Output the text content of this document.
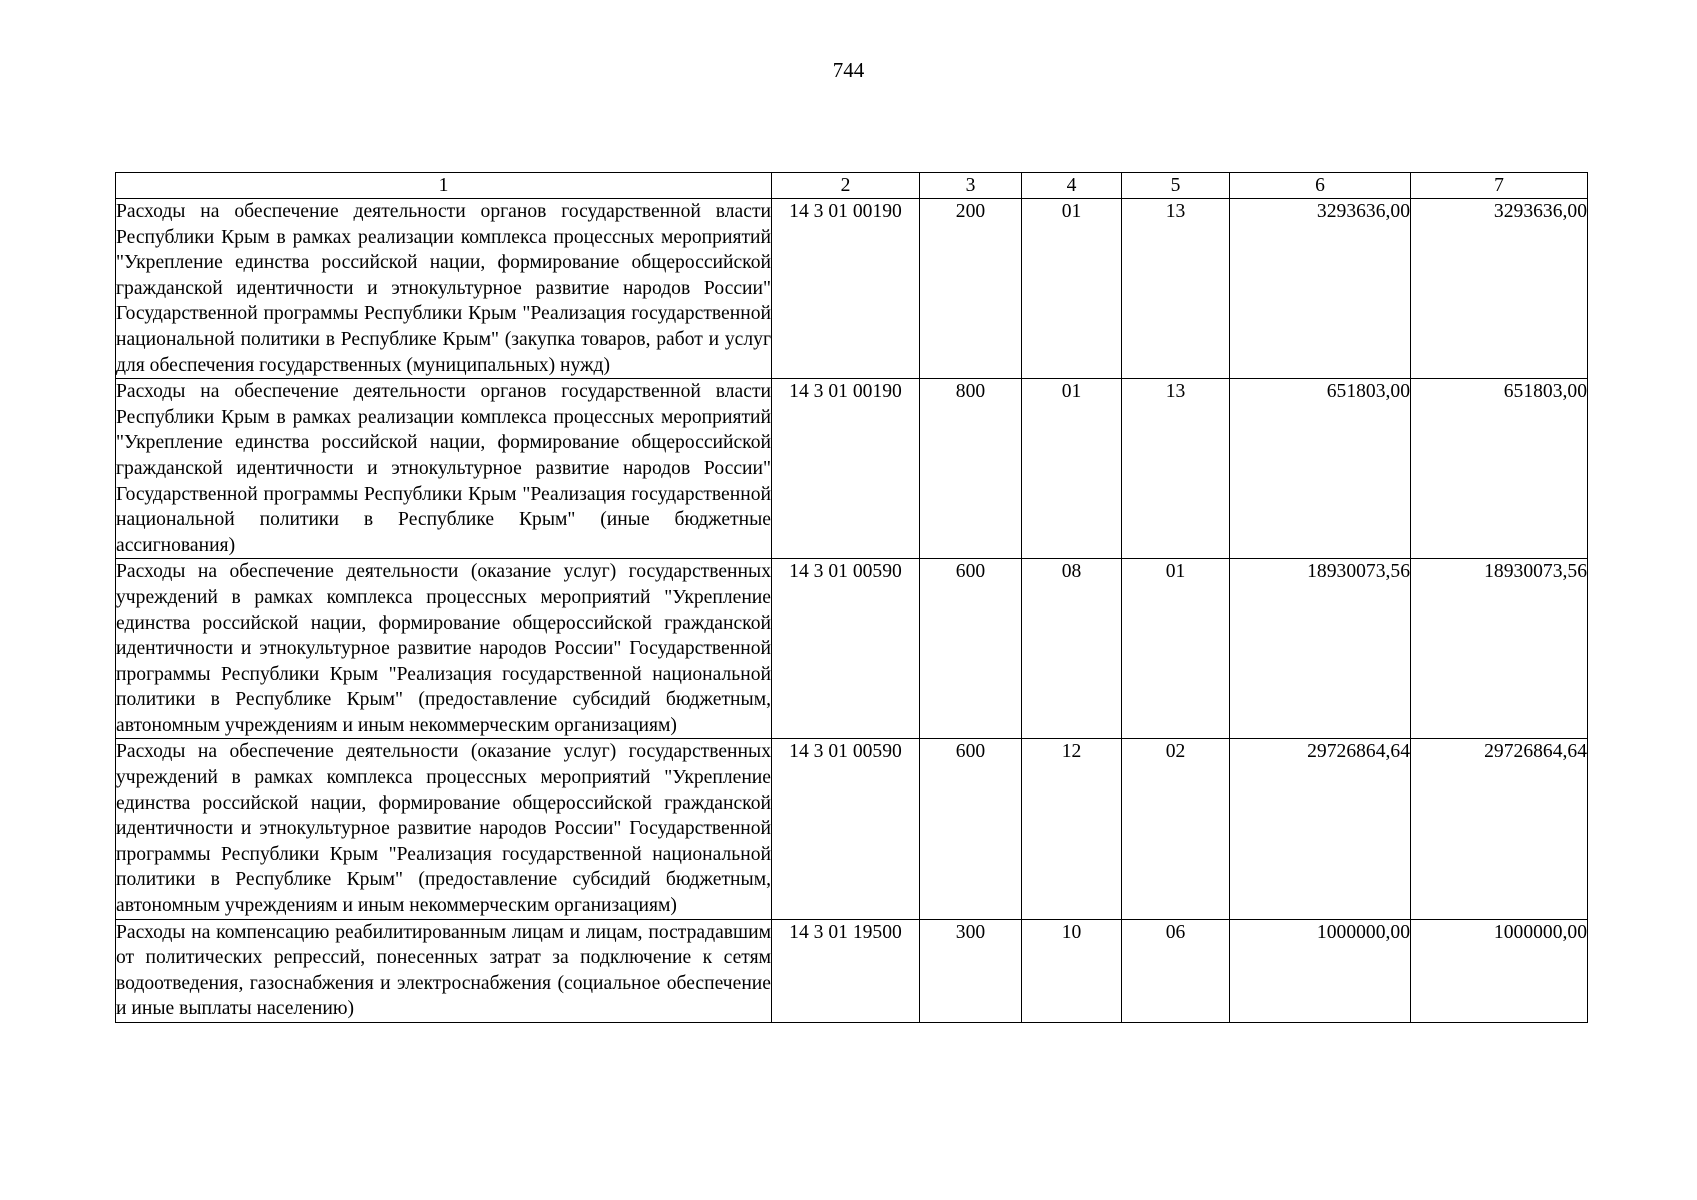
744
1	2	3	4	5	6	7
Расходы на обеспечение деятельности органов государственной власти Республики Крым в рамках реализации комплекса процессных мероприятий "Укрепление единства российской нации, формирование общероссийской гражданской идентичности и этнокультурное развитие народов России" Государственной программы Республики Крым "Реализация государственной национальной политики в Республике Крым" (закупка товаров, работ и услуг для обеспечения государственных (муниципальных) нужд)	14 3 01 00190	200	01	13	3293636,00	3293636,00
Расходы на обеспечение деятельности органов государственной власти Республики Крым в рамках реализации комплекса процессных мероприятий "Укрепление единства российской нации, формирование общероссийской гражданской идентичности и этнокультурное развитие народов России" Государственной программы Республики Крым "Реализация государственной национальной политики в Республике Крым" (иные бюджетные ассигнования)	14 3 01 00190	800	01	13	651803,00	651803,00
Расходы на обеспечение деятельности (оказание услуг) государственных учреждений в рамках комплекса процессных мероприятий "Укрепление единства российской нации, формирование общероссийской гражданской идентичности и этнокультурное развитие народов России" Государственной программы Республики Крым "Реализация государственной национальной политики в Республике Крым" (предоставление субсидий бюджетным, автономным учреждениям и иным некоммерческим организациям)	14 3 01 00590	600	08	01	18930073,56	18930073,56
Расходы на обеспечение деятельности (оказание услуг) государственных учреждений в рамках комплекса процессных мероприятий "Укрепление единства российской нации, формирование общероссийской гражданской идентичности и этнокультурное развитие народов России" Государственной программы Республики Крым "Реализация государственной национальной политики в Республике Крым" (предоставление субсидий бюджетным, автономным учреждениям и иным некоммерческим организациям)	14 3 01 00590	600	12	02	29726864,64	29726864,64
Расходы на компенсацию реабилитированным лицам и лицам, пострадавшим от политических репрессий, понесенных затрат за подключение к сетям водоотведения, газоснабжения и электроснабжения (социальное обеспечение и иные выплаты населению)	14 3 01 19500	300	10	06	1000000,00	1000000,00
